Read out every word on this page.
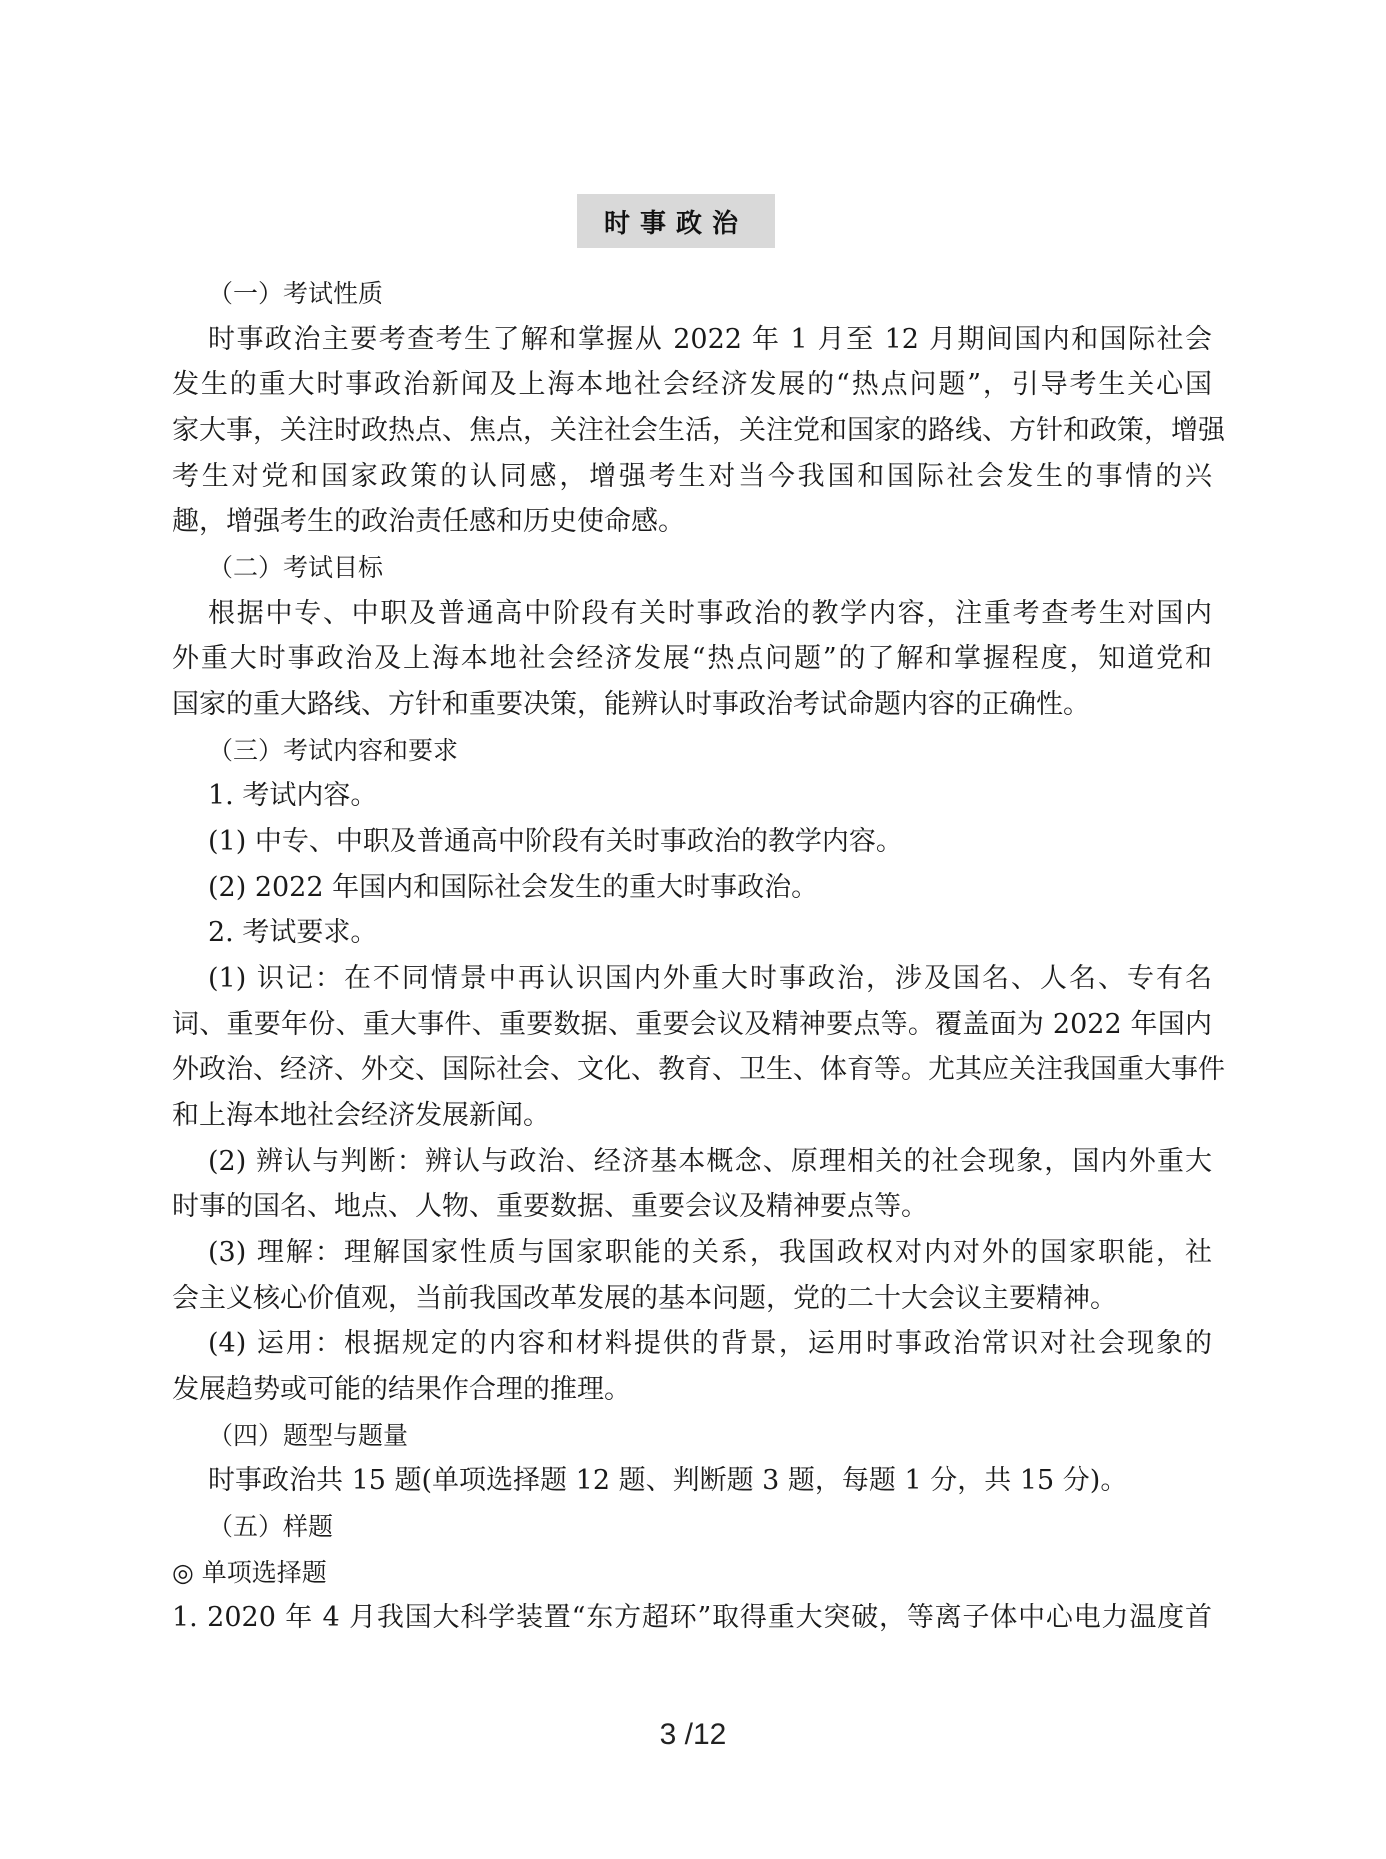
时事政治
（一）考试性质
时事政治主要考查考生了解和掌握从 2022 年 1 月至 12 月期间国内和国际社会
发生的重大时事政治新闻及上海本地社会经济发展的“热点问题”，引导考生关心国
家大事，关注时政热点、焦点，关注社会生活，关注党和国家的路线、方针和政策，增强
考生对党和国家政策的认同感，增强考生对当今我国和国际社会发生的事情的兴
趣，增强考生的政治责任感和历史使命感。
（二）考试目标
根据中专、中职及普通高中阶段有关时事政治的教学内容，注重考查考生对国内
外重大时事政治及上海本地社会经济发展“热点问题”的了解和掌握程度，知道党和
国家的重大路线、方针和重要决策，能辨认时事政治考试命题内容的正确性。
（三）考试内容和要求
1. 考试内容。
(1) 中专、中职及普通高中阶段有关时事政治的教学内容。
(2) 2022 年国内和国际社会发生的重大时事政治。
2. 考试要求。
(1) 识记：在不同情景中再认识国内外重大时事政治，涉及国名、人名、专有名
词、重要年份、重大事件、重要数据、重要会议及精神要点等。覆盖面为 2022 年国内
外政治、经济、外交、国际社会、文化、教育、卫生、体育等。尤其应关注我国重大事件
和上海本地社会经济发展新闻。
(2) 辨认与判断：辨认与政治、经济基本概念、原理相关的社会现象，国内外重大
时事的国名、地点、人物、重要数据、重要会议及精神要点等。
(3) 理解：理解国家性质与国家职能的关系，我国政权对内对外的国家职能，社
会主义核心价值观，当前我国改革发展的基本问题，党的二十大会议主要精神。
(4) 运用：根据规定的内容和材料提供的背景，运用时事政治常识对社会现象的
发展趋势或可能的结果作合理的推理。
（四）题型与题量
时事政治共 15 题(单项选择题 12 题、判断题 3 题，每题 1 分，共 15 分)。
（五）样题
◎ 单项选择题
1. 2020 年 4 月我国大科学装置“东方超环”取得重大突破，等离子体中心电力温度首
3 /12
